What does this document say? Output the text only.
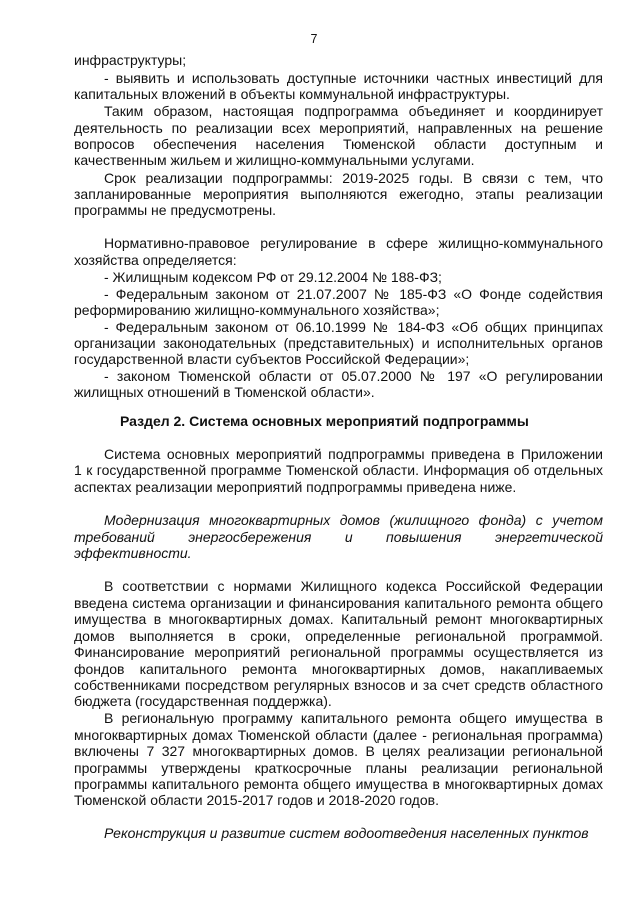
7
инфраструктуры;
- выявить и использовать доступные источники частных инвестиций для
капитальных вложений в объекты коммунальной инфраструктуры.
Таким образом, настоящая подпрограмма объединяет и координирует
деятельность по реализации всех мероприятий, направленных на решение
вопросов обеспечения населения Тюменской области доступным и
качественным жильем и жилищно-коммунальными услугами.
Срок реализации подпрограммы: 2019-2025 годы. В связи с тем, что
запланированные мероприятия выполняются ежегодно, этапы реализации
программы не предусмотрены.
Нормативно-правовое регулирование в сфере жилищно-коммунального
хозяйства определяется:
- Жилищным кодексом РФ от 29.12.2004 № 188-ФЗ;
- Федеральным законом от 21.07.2007 № 185-ФЗ «О Фонде содействия
реформированию жилищно-коммунального хозяйства»;
- Федеральным законом от 06.10.1999 № 184-ФЗ «Об общих принципах
организации законодательных (представительных) и исполнительных органов
государственной власти субъектов Российской Федерации»;
- законом Тюменской области от 05.07.2000 № 197 «О регулировании
жилищных отношений в Тюменской области».
Раздел 2. Система основных мероприятий подпрограммы
Система основных мероприятий подпрограммы приведена в Приложении
1 к государственной программе Тюменской области. Информация об отдельных
аспектах реализации мероприятий подпрограммы приведена ниже.
Модернизация многоквартирных домов (жилищного фонда) с учетом
требований энергосбережения и повышения энергетической
эффективности.
В соответствии с нормами Жилищного кодекса Российской Федерации
введена система организации и финансирования капитального ремонта общего
имущества в многоквартирных домах. Капитальный ремонт многоквартирных
домов выполняется в сроки, определенные региональной программой.
Финансирование мероприятий региональной программы осуществляется из
фондов капитального ремонта многоквартирных домов, накапливаемых
собственниками посредством регулярных взносов и за счет средств областного
бюджета (государственная поддержка).
В региональную программу капитального ремонта общего имущества в
многоквартирных домах Тюменской области (далее - региональная программа)
включены 7 327 многоквартирных домов. В целях реализации региональной
программы утверждены краткосрочные планы реализации региональной
программы капитального ремонта общего имущества в многоквартирных домах
Тюменской области 2015-2017 годов и 2018-2020 годов.
Реконструкция и развитие систем водоотведения населенных пунктов
